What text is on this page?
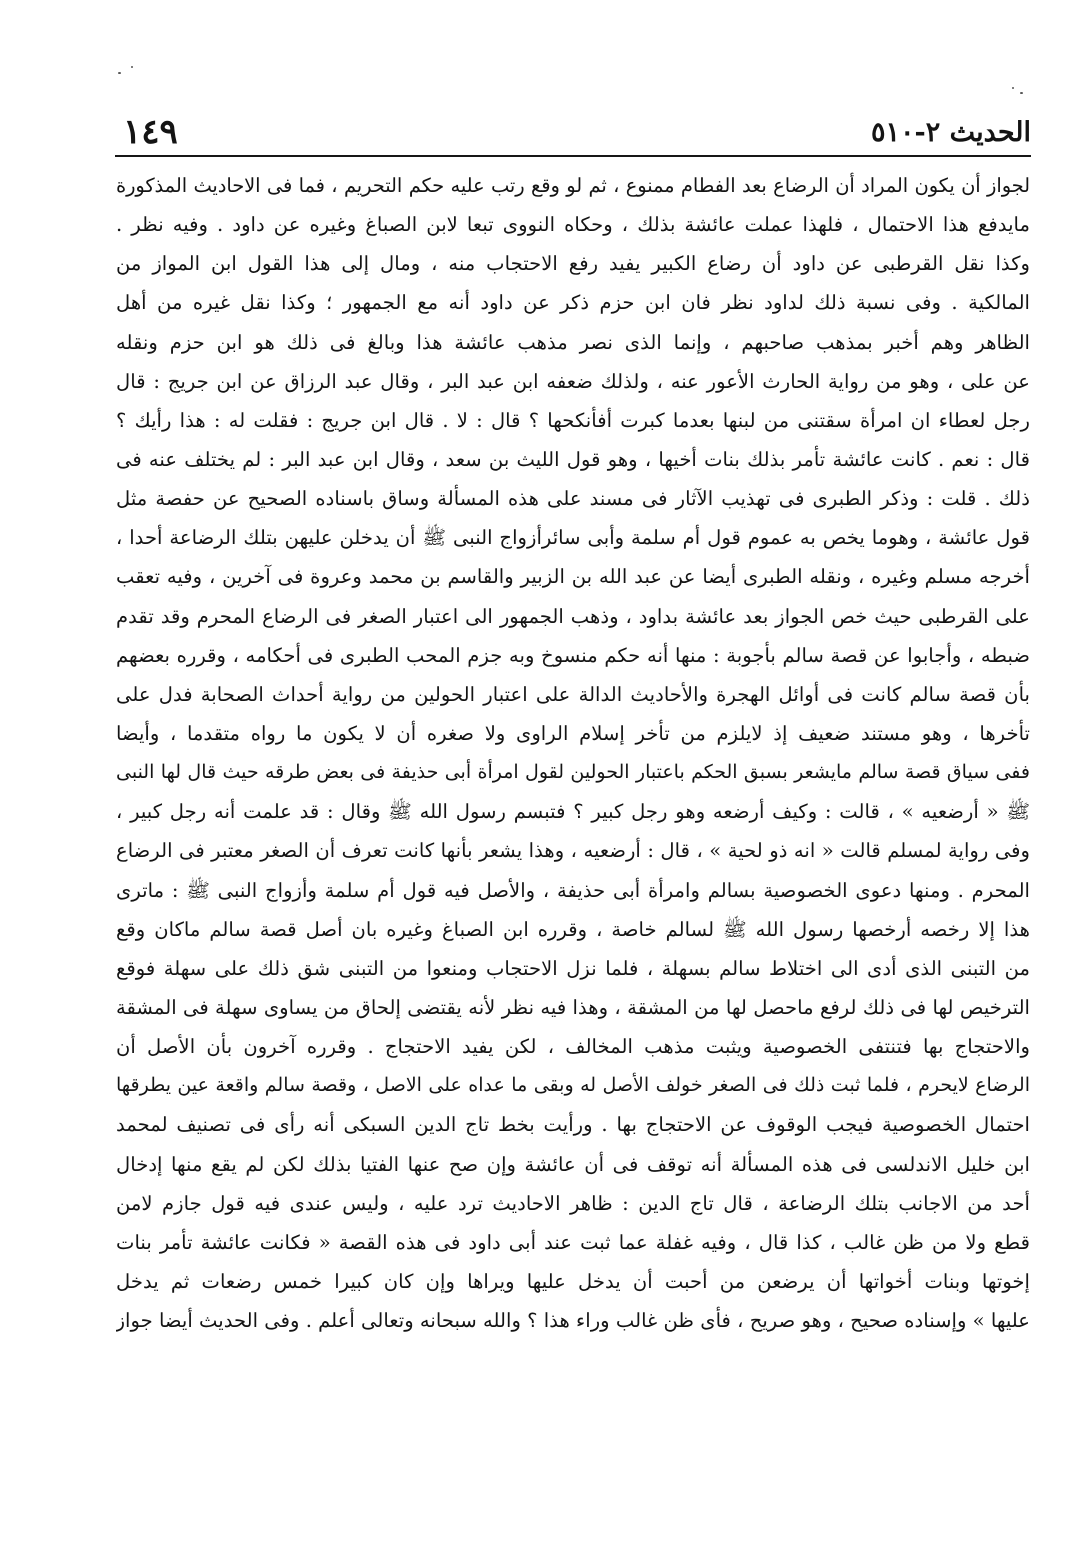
الحديث ٢-٥١٠
١٤٩
لجواز أن يكون المراد أن الرضاع بعد الفطام ممنوع ، ثم لو وقع رتب عليه حكم التحريم ، فما فى الاحاديث المذكورة
مايدفع هذا الاحتمال ، فلهذا عملت عائشة بذلك ، وحكاه النووى تبعا لابن الصباغ وغيره عن داود . وفيه نظر .
وكذا نقل القرطبى عن داود أن رضاع الكبير يفيد رفع الاحتجاب منه ، ومال إلى هذا القول ابن المواز من
المالكية . وفى نسبة ذلك لداود نظر فان ابن حزم ذكر عن داود أنه مع الجمهور ؛ وكذا نقل غيره من أهل
الظاهر وهم أخبر بمذهب صاحبهم ، وإنما الذى نصر مذهب عائشة هذا وبالغ فى ذلك هو ابن حزم ونقله
عن على ، وهو من رواية الحارث الأعور عنه ، ولذلك ضعفه ابن عبد البر ، وقال عبد الرزاق عن ابن جريج : قال
رجل لعطاء ان امرأة سقتنى من لبنها بعدما كبرت أفأنكحها ؟ قال : لا . قال ابن جريج : فقلت له : هذا رأيك ؟
قال : نعم . كانت عائشة تأمر بذلك بنات أخيها ، وهو قول الليث بن سعد ، وقال ابن عبد البر : لم يختلف عنه فى
ذلك . قلت : وذكر الطبرى فى تهذيب الآثار فى مسند على هذه المسألة وساق باسناده الصحيح عن حفصة مثل
قول عائشة ، وهوما يخص به عموم قول أم سلمة وأبى سائرأزواج النبى ﷺ أن يدخلن عليهن بتلك الرضاعة أحدا ،
أخرجه مسلم وغيره ، ونقله الطبرى أيضا عن عبد الله بن الزبير والقاسم بن محمد وعروة فى آخرين ، وفيه تعقب
على القرطبى حيث خص الجواز بعد عائشة بداود ، وذهب الجمهور الى اعتبار الصغر فى الرضاع المحرم وقد تقدم
ضبطه ، وأجابوا عن قصة سالم بأجوبة : منها أنه حكم منسوخ وبه جزم المحب الطبرى فى أحكامه ، وقرره بعضهم
بأن قصة سالم كانت فى أوائل الهجرة والأحاديث الدالة على اعتبار الحولين من رواية أحداث الصحابة فدل على
تأخرها ، وهو مستند ضعيف إذ لايلزم من تأخر إسلام الراوى ولا صغره أن لا يكون ما رواه متقدما ، وأيضا
ففى سياق قصة سالم مايشعر بسبق الحكم باعتبار الحولين لقول امرأة أبى حذيفة فى بعض طرقه حيث قال لها النبى
ﷺ « أرضعيه » ، قالت : وكيف أرضعه وهو رجل كبير ؟ فتبسم رسول الله ﷺ وقال : قد علمت أنه رجل كبير ،
وفى رواية لمسلم قالت « انه ذو لحية » ، قال : أرضعيه ، وهذا يشعر بأنها كانت تعرف أن الصغر معتبر فى الرضاع
المحرم . ومنها دعوى الخصوصية بسالم وامرأة أبى حذيفة ، والأصل فيه قول أم سلمة وأزواج النبى ﷺ : ماترى
هذا إلا رخصه أرخصها رسول الله ﷺ لسالم خاصة ، وقرره ابن الصباغ وغيره بان أصل قصة سالم ماكان وقع
من التبنى الذى أدى الى اختلاط سالم بسهلة ، فلما نزل الاحتجاب ومنعوا من التبنى شق ذلك على سهلة فوقع
الترخيص لها فى ذلك لرفع ماحصل لها من المشقة ، وهذا فيه نظر لأنه يقتضى إلحاق من يساوى سهلة فى المشقة
والاحتجاج بها فتنتفى الخصوصية ويثبت مذهب المخالف ، لكن يفيد الاحتجاج . وقرره آخرون بأن الأصل أن
الرضاع لايحرم ، فلما ثبت ذلك فى الصغر خولف الأصل له وبقى ما عداه على الاصل ، وقصة سالم واقعة عين يطرقها
احتمال الخصوصية فيجب الوقوف عن الاحتجاج بها . ورأيت بخط تاج الدين السبكى أنه رأى فى تصنيف لمحمد
ابن خليل الاندلسى فى هذه المسألة أنه توقف فى أن عائشة وإن صح عنها الفتيا بذلك لكن لم يقع منها إدخال
أحد من الاجانب بتلك الرضاعة ، قال تاج الدين : ظاهر الاحاديث ترد عليه ، وليس عندى فيه قول جازم لامن
قطع ولا من ظن غالب ، كذا قال ، وفيه غفلة عما ثبت عند أبى داود فى هذه القصة « فكانت عائشة تأمر بنات
إخوتها وبنات أخواتها أن يرضعن من أحبت أن يدخل عليها ويراها وإن كان كبيرا خمس رضعات ثم يدخل
عليها » وإسناده صحيح ، وهو صريح ، فأى ظن غالب وراء هذا ؟ والله سبحانه وتعالى أعلم . وفى الحديث أيضا جواز
